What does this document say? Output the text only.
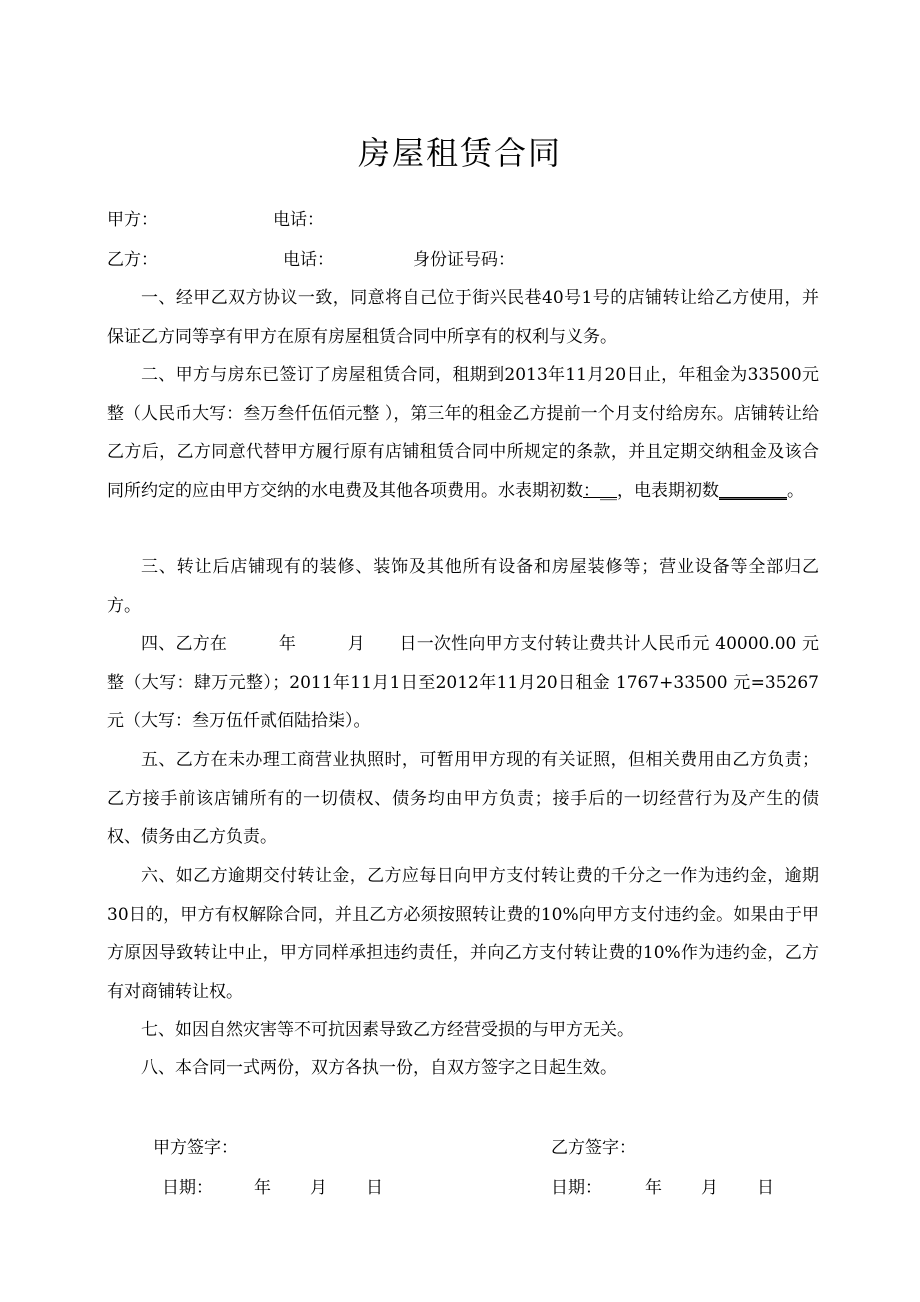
房屋租赁合同
甲方：	电话：
乙方：	电话：	身份证号码：
一、经甲乙双方协议一致，同意将自己位于街兴民巷40号1号的店铺转让给乙方使用，并保证乙方同等享有甲方在原有房屋租赁合同中所享有的权利与义务。
二、甲方与房东已签订了房屋租赁合同，租期到2013年11月20日止，年租金为33500元整（人民币大写：叁万叁仟伍佰元整 ），第三年的租金乙方提前一个月支付给房东。店铺转让给乙方后，乙方同意代替甲方履行原有店铺租赁合同中所规定的条款，并且定期交纳租金及该合同所约定的应由甲方交纳的水电费及其他各项费用。水表期初数：__，电表期初数________。
三、转让后店铺现有的装修、装饰及其他所有设备和房屋装修等；营业设备等全部归乙方。
四、乙方在　　　年　　　月　　日一次性向甲方支付转让费共计人民币元 40000.00 元整（大写：肆万元整）；2011年11月1日至2012年11月20日租金 1767+33500 元=35267元（大写：叁万伍仟贰佰陆拾柒）。
五、乙方在未办理工商营业执照时，可暂用甲方现的有关证照，但相关费用由乙方负责；乙方接手前该店铺所有的一切债权、债务均由甲方负责；接手后的一切经营行为及产生的债权、债务由乙方负责。
六、如乙方逾期交付转让金，乙方应每日向甲方支付转让费的千分之一作为违约金，逾期30日的，甲方有权解除合同，并且乙方必须按照转让费的10%向甲方支付违约金。如果由于甲方原因导致转让中止，甲方同样承担违约责任，并向乙方支付转让费的10%作为违约金，乙方有对商铺转让权。
七、如因自然灾害等不可抗因素导致乙方经营受损的与甲方无关。
八、本合同一式两份，双方各执一份，自双方签字之日起生效。
甲方签字：	乙方签字：
日期： 年 月 日	日期：	年 月 日
